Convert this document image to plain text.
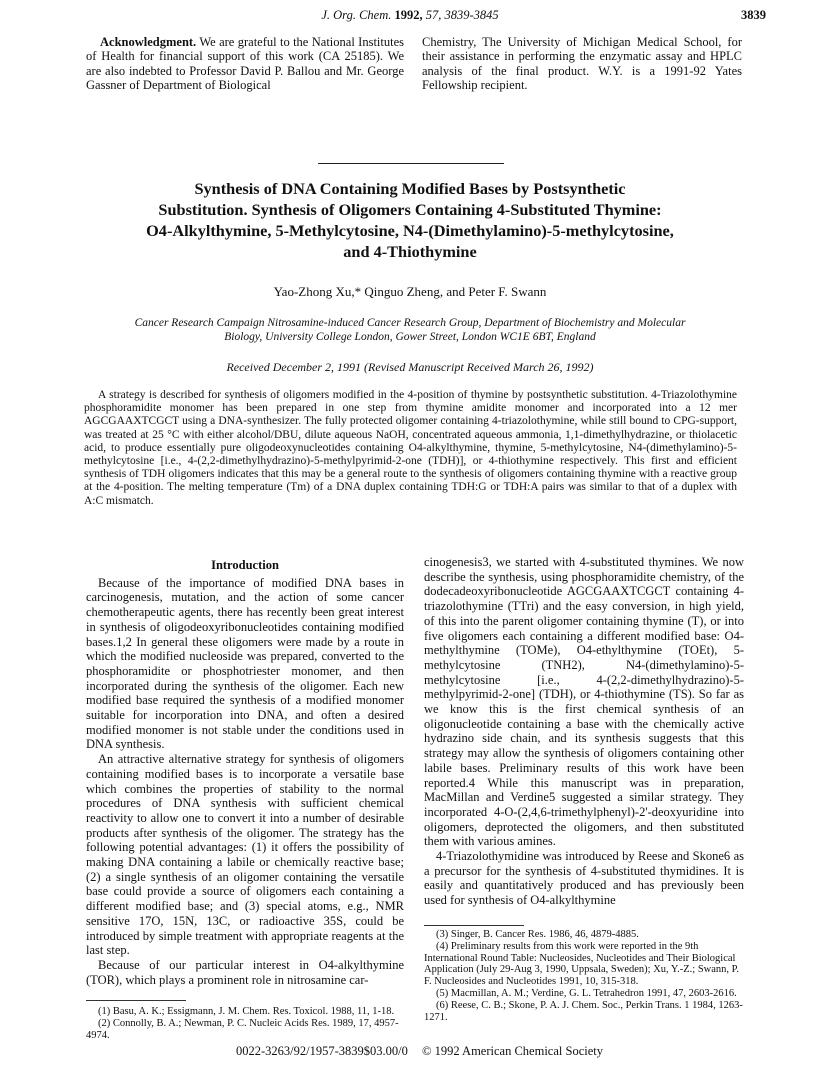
J. Org. Chem. 1992, 57, 3839-3845	3839
Acknowledgment. We are grateful to the National Institutes of Health for financial support of this work (CA 25185). We are also indebted to Professor David P. Ballou and Mr. George Gassner of Department of Biological
Chemistry, The University of Michigan Medical School, for their assistance in performing the enzymatic assay and HPLC analysis of the final product. W.Y. is a 1991-92 Yates Fellowship recipient.
Synthesis of DNA Containing Modified Bases by Postsynthetic
Substitution. Synthesis of Oligomers Containing 4-Substituted Thymine:
O4-Alkylthymine, 5-Methylcytosine, N4-(Dimethylamino)-5-methylcytosine,
and 4-Thiothymine
Yao-Zhong Xu,* Qinguo Zheng, and Peter F. Swann
Cancer Research Campaign Nitrosamine-induced Cancer Research Group, Department of Biochemistry and Molecular Biology, University College London, Gower Street, London WC1E 6BT, England
Received December 2, 1991 (Revised Manuscript Received March 26, 1992)
A strategy is described for synthesis of oligomers modified in the 4-position of thymine by postsynthetic substitution. 4-Triazolothymine phosphoramidite monomer has been prepared in one step from thymine amidite monomer and incorporated into a 12 mer AGCGAAXTCGCT using a DNA-synthesizer. The fully protected oligomer containing 4-triazolothymine, while still bound to CPG-support, was treated at 25 °C with either alcohol/DBU, dilute aqueous NaOH, concentrated aqueous ammonia, 1,1-dimethylhydrazine, or thiolacetic acid, to produce essentially pure oligodeoxynucleotides containing O4-alkylthymine, thymine, 5-methylcytosine, N4-(dimethylamino)-5-methylcytosine [i.e., 4-(2,2-dimethylhydrazino)-5-methylpyrimid-2-one (TDH)], or 4-thiothymine respectively. This first and efficient synthesis of TDH oligomers indicates that this may be a general route to the synthesis of oligomers containing thymine with a reactive group at the 4-position. The melting temperature (Tm) of a DNA duplex containing TDH:G or TDH:A pairs was similar to that of a duplex with A:C mismatch.
Introduction

Because of the importance of modified DNA bases in carcinogenesis, mutation, and the action of some cancer chemotherapeutic agents, there has recently been great interest in synthesis of oligodeoxyribonucleotides containing modified bases.1,2 In general these oligomers were made by a route in which the modified nucleoside was prepared, converted to the phosphoramidite or phosphotriester monomer, and then incorporated during the synthesis of the oligomer. Each new modified base required the synthesis of a modified monomer suitable for incorporation into DNA, and often a desired modified monomer is not stable under the conditions used in DNA synthesis.

An attractive alternative strategy for synthesis of oligomers containing modified bases is to incorporate a versatile base which combines the properties of stability to the normal procedures of DNA synthesis with sufficient chemical reactivity to allow one to convert it into a number of desirable products after synthesis of the oligomer. The strategy has the following potential advantages: (1) it offers the possibility of making DNA containing a labile or chemically reactive base; (2) a single synthesis of an oligomer containing the versatile base could provide a source of oligomers each containing a different modified base; and (3) special atoms, e.g., NMR sensitive 17O, 15N, 13C, or radioactive 35S, could be introduced by simple treatment with appropriate reagents at the last step.

Because of our particular interest in O4-alkylthymine (TOR), which plays a prominent role in nitrosamine car-

cinogenesis3, we started with 4-substituted thymines. We now describe the synthesis, using phosphoramidite chemistry, of the dodecadeoxyribonucleotide AGCGAAXTCGCT containing 4-triazolothymine (TTri) and the easy conversion, in high yield, of this into the parent oligomer containing thymine (T), or into five oligomers each containing a different modified base: O4-methylthymine (TOMe), O4-ethylthymine (TOEt), 5-methylcytosine (TNH2), N4-(dimethylamino)-5-methylcytosine [i.e., 4-(2,2-dimethylhydrazino)-5-methylpyrimid-2-one] (TDH), or 4-thiothymine (TS). So far as we know this is the first chemical synthesis of an oligonucleotide containing a base with the chemically active hydrazino side chain, and its synthesis suggests that this strategy may allow the synthesis of oligomers containing other labile bases. Preliminary results of this work have been reported.4 While this manuscript was in preparation, MacMillan and Verdine5 suggested a similar strategy. They incorporated 4-O-(2,4,6-trimethylphenyl)-2'-deoxyuridine into oligomers, deprotected the oligomers, and then substituted them with various amines.

4-Triazolothymidine was introduced by Reese and Skone6 as a precursor for the synthesis of 4-substituted thymidines. It is easily and quantitatively produced and has previously been used for synthesis of O4-alkylthymine

(1) Basu, A. K.; Essigmann, J. M. Chem. Res. Toxicol. 1988, 11, 1-18.

(2) Connolly, B. A.; Newman, P. C. Nucleic Acids Res. 1989, 17, 4957-4974.

(3) Singer, B. Cancer Res. 1986, 46, 4879-4885.

(4) Preliminary results from this work were reported in the 9th International Round Table: Nucleosides, Nucleotides and Their Biological Application (July 29-Aug 3, 1990, Uppsala, Sweden); Xu, Y.-Z.; Swann, P. F. Nucleosides and Nucleotides 1991, 10, 315-318.

(5) Macmillan, A. M.; Verdine, G. L. Tetrahedron 1991, 47, 2603-2616.

(6) Reese, C. B.; Skone, P. A. J. Chem. Soc., Perkin Trans. 1 1984, 1263-1271.

0022-3263/92/1957-3839$03.00/0 © 1992 American Chemical Society
